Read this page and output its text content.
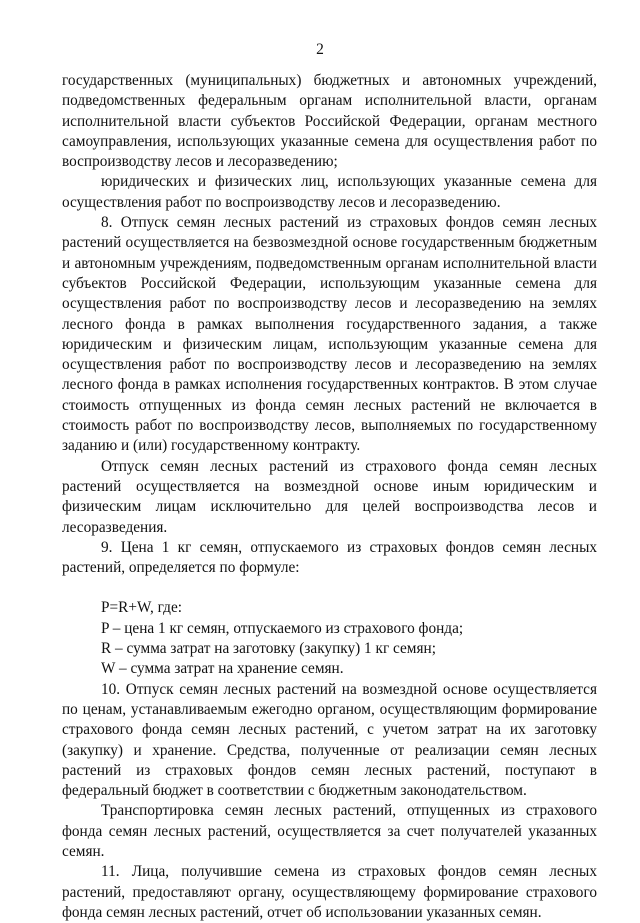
2

государственных (муниципальных) бюджетных и автономных учреждений, подведомственных федеральным органам исполнительной власти, органам исполнительной власти субъектов Российской Федерации, органам местного самоуправления, использующих указанные семена для осуществления работ по воспроизводству лесов и лесоразведению;

юридических и физических лиц, использующих указанные семена для осуществления работ по воспроизводству лесов и лесоразведению.

8. Отпуск семян лесных растений из страховых фондов семян лесных растений осуществляется на безвозмездной основе государственным бюджетным и автономным учреждениям, подведомственным органам исполнительной власти субъектов Российской Федерации, использующим указанные семена для осуществления работ по воспроизводству лесов и лесоразведению на землях лесного фонда в рамках выполнения государственного задания, а также юридическим и физическим лицам, использующим указанные семена для осуществления работ по воспроизводству лесов и лесоразведению на землях лесного фонда в рамках исполнения государственных контрактов. В этом случае стоимость отпущенных из фонда семян лесных растений не включается в стоимость работ по воспроизводству лесов, выполняемых по государственному заданию и (или) государственному контракту.

Отпуск семян лесных растений из страхового фонда семян лесных растений осуществляется на возмездной основе иным юридическим и физическим лицам исключительно для целей воспроизводства лесов и лесоразведения.

9. Цена 1 кг семян, отпускаемого из страховых фондов семян лесных растений, определяется по формуле:

P=R+W, где:

P – цена 1 кг семян, отпускаемого из страхового фонда;

R – сумма затрат на заготовку (закупку) 1 кг семян;

W – сумма затрат на хранение семян.

10. Отпуск семян лесных растений на возмездной основе осуществляется по ценам, устанавливаемым ежегодно органом, осуществляющим формирование страхового фонда семян лесных растений, с учетом затрат на их заготовку (закупку) и хранение. Средства, полученные от реализации семян лесных растений из страховых фондов семян лесных растений, поступают в федеральный бюджет в соответствии с бюджетным законодательством.

Транспортировка семян лесных растений, отпущенных из страхового фонда семян лесных растений, осуществляется за счет получателей указанных семян.

11. Лица, получившие семена из страховых фондов семян лесных растений, предоставляют органу, осуществляющему формирование страхового фонда семян лесных растений, отчет об использовании указанных семян.
